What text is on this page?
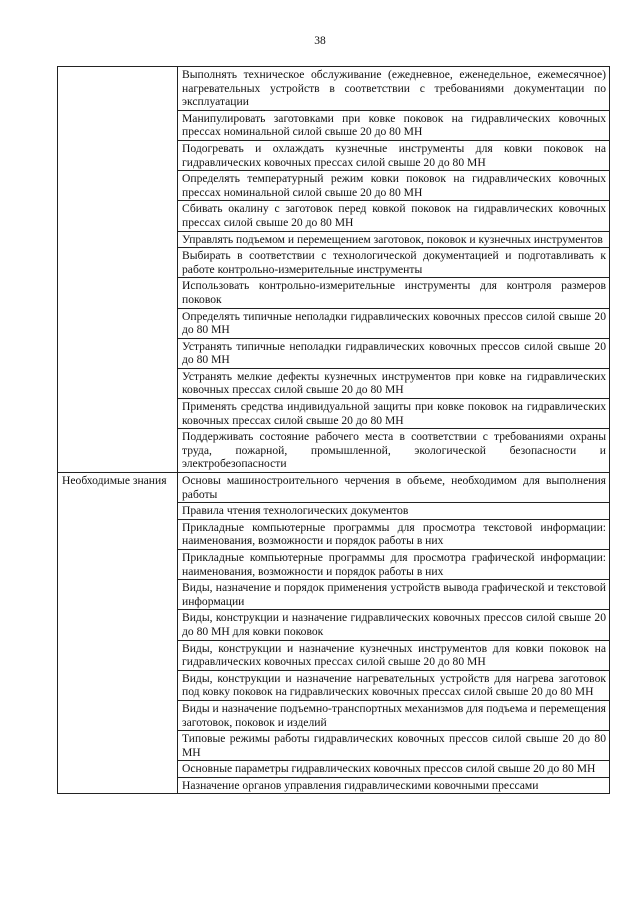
38
	Выполнять техническое обслуживание (ежедневное, еженедельное, ежемесячное) нагревательных устройств в соответствии с требованиями документации по эксплуатации
	Манипулировать заготовками при ковке поковок на гидравлических ковочных прессах номинальной силой свыше 20 до 80 МН
	Подогревать и охлаждать кузнечные инструменты для ковки поковок на гидравлических ковочных прессах силой свыше 20 до 80 МН
	Определять температурный режим ковки поковок на гидравлических ковочных прессах номинальной силой свыше 20 до 80 МН
	Сбивать окалину с заготовок перед ковкой поковок на гидравлических ковочных прессах силой свыше 20 до 80 МН
	Управлять подъемом и перемещением заготовок, поковок и кузнечных инструментов
	Выбирать в соответствии с технологической документацией и подготавливать к работе контрольно-измерительные инструменты
	Использовать контрольно-измерительные инструменты для контроля размеров поковок
	Определять типичные неполадки гидравлических ковочных прессов силой свыше 20 до 80 МН
	Устранять типичные неполадки гидравлических ковочных прессов силой свыше 20 до 80 МН
	Устранять мелкие дефекты кузнечных инструментов при ковке на гидравлических ковочных прессах силой свыше 20 до 80 МН
	Применять средства индивидуальной защиты при ковке поковок на гидравлических ковочных прессах силой свыше 20 до 80 МН
	Поддерживать состояние рабочего места в соответствии с требованиями охраны труда, пожарной, промышленной, экологической безопасности и электробезопасности
Необходимые знания	Основы машиностроительного черчения в объеме, необходимом для выполнения работы
	Правила чтения технологических документов
	Прикладные компьютерные программы для просмотра текстовой информации: наименования, возможности и порядок работы в них
	Прикладные компьютерные программы для просмотра графической информации: наименования, возможности и порядок работы в них
	Виды, назначение и порядок применения устройств вывода графической и текстовой информации
	Виды, конструкции и назначение гидравлических ковочных прессов силой свыше 20 до 80 МН для ковки поковок
	Виды, конструкции и назначение кузнечных инструментов для ковки поковок на гидравлических ковочных прессах силой свыше 20 до 80 МН
	Виды, конструкции и назначение нагревательных устройств для нагрева заготовок под ковку поковок на гидравлических ковочных прессах силой свыше 20 до 80 МН
	Виды и назначение подъемно-транспортных механизмов для подъема и перемещения заготовок, поковок и изделий
	Типовые режимы работы гидравлических ковочных прессов силой свыше 20 до 80 МН
	Основные параметры гидравлических ковочных прессов силой свыше 20 до 80 МН

	Назначение органов управления гидравлическими ковочными прессами
